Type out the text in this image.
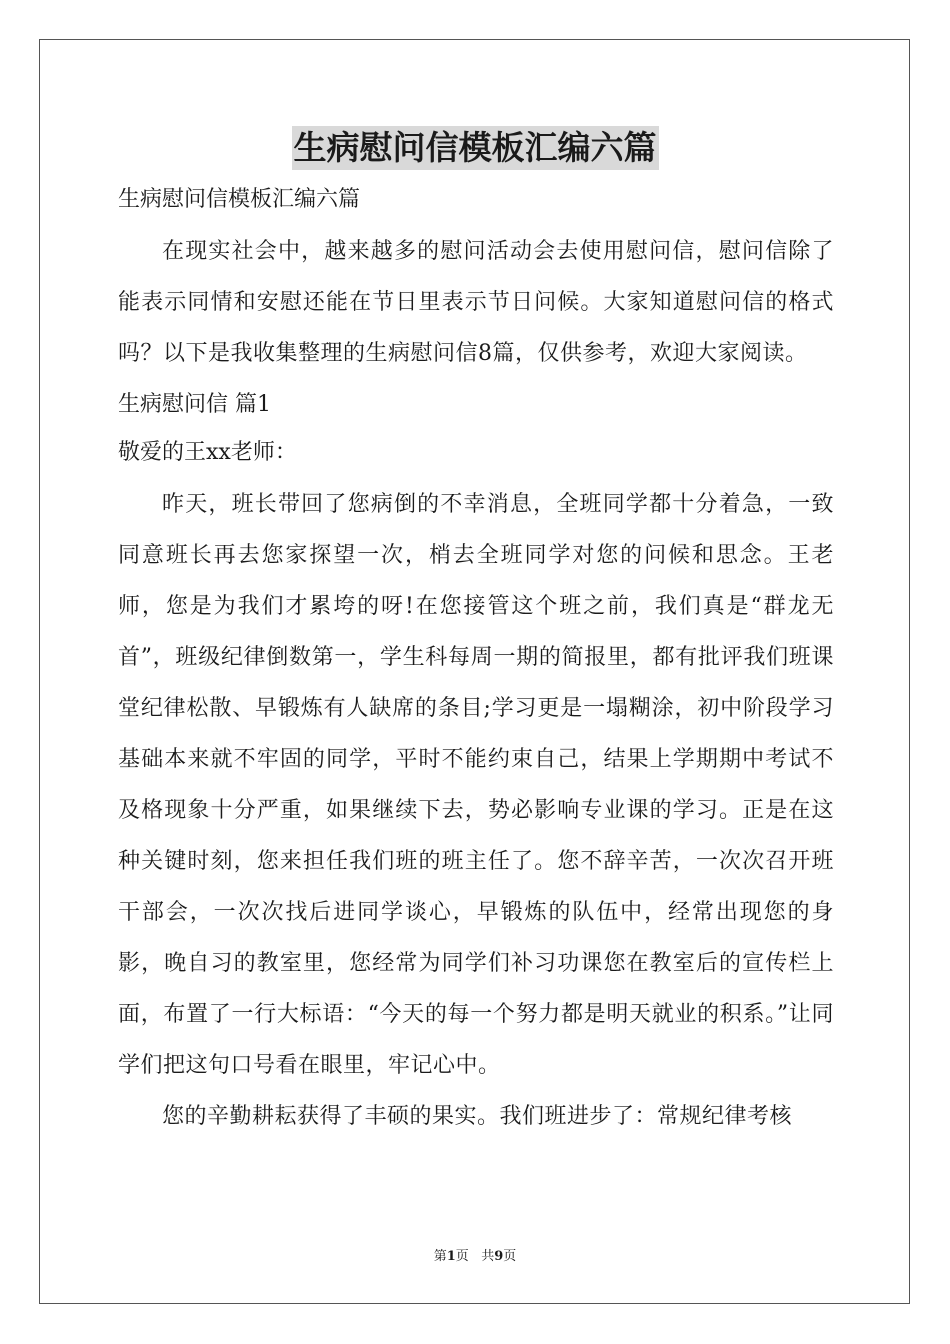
生病慰问信模板汇编六篇
生病慰问信模板汇编六篇
在现实社会中，越来越多的慰问活动会去使用慰问信，慰问信除了能表示同情和安慰还能在节日里表示节日问候。大家知道慰问信的格式吗？以下是我收集整理的生病慰问信8篇，仅供参考，欢迎大家阅读。
生病慰问信 篇1
敬爱的王xx老师：
昨天，班长带回了您病倒的不幸消息，全班同学都十分着急，一致同意班长再去您家探望一次，梢去全班同学对您的问候和思念。王老师，您是为我们才累垮的呀!在您接管这个班之前，我们真是“群龙无首”，班级纪律倒数第一，学生科每周一期的简报里，都有批评我们班课堂纪律松散、早锻炼有人缺席的条目;学习更是一塌糊涂，初中阶段学习基础本来就不牢固的同学，平时不能约束自己，结果上学期期中考试不及格现象十分严重，如果继续下去，势必影响专业课的学习。正是在这种关键时刻，您来担任我们班的班主任了。您不辞辛苦，一次次召开班干部会，一次次找后进同学谈心，早锻炼的队伍中，经常出现您的身影，晚自习的教室里，您经常为同学们补习功课您在教室后的宣传栏上面，布置了一行大标语：“今天的每一个努力都是明天就业的积系。”让同学们把这句口号看在眼里，牢记心中。
您的辛勤耕耘获得了丰硕的果实。我们班进步了：常规纪律考核
第1页   共9页
